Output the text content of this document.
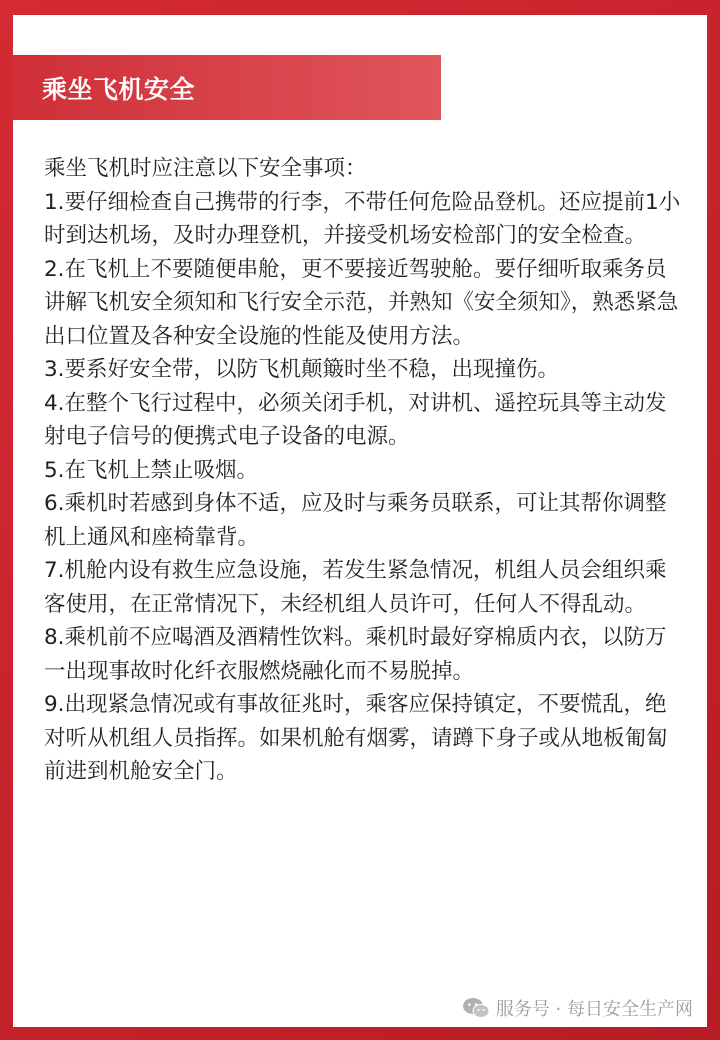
乘坐飞机安全

乘坐飞机时应注意以下安全事项：

1.要仔细检查自己携带的行李，不带任何危险品登机。还应提前1小时到达机场，及时办理登机，并接受机场安检部门的安全检查。

2.在飞机上不要随便串舱，更不要接近驾驶舱。要仔细听取乘务员讲解飞机安全须知和飞行安全示范，并熟知《安全须知》，熟悉紧急出口位置及各种安全设施的性能及使用方法。

3.要系好安全带，以防飞机颠簸时坐不稳，出现撞伤。

4.在整个飞行过程中，必须关闭手机，对讲机、遥控玩具等主动发射电子信号的便携式电子设备的电源。

5.在飞机上禁止吸烟。

6.乘机时若感到身体不适，应及时与乘务员联系，可让其帮你调整机上通风和座椅靠背。

7.机舱内设有救生应急设施，若发生紧急情况，机组人员会组织乘客使用，在正常情况下，未经机组人员许可，任何人不得乱动。

8.乘机前不应喝酒及酒精性饮料。乘机时最好穿棉质内衣，以防万一出现事故时化纤衣服燃烧融化而不易脱掉。

9.出现紧急情况或有事故征兆时，乘客应保持镇定，不要慌乱，绝对听从机组人员指挥。如果机舱有烟雾，请蹲下身子或从地板匍匐前进到机舱安全门。

服务号 · 每日安全生产网
